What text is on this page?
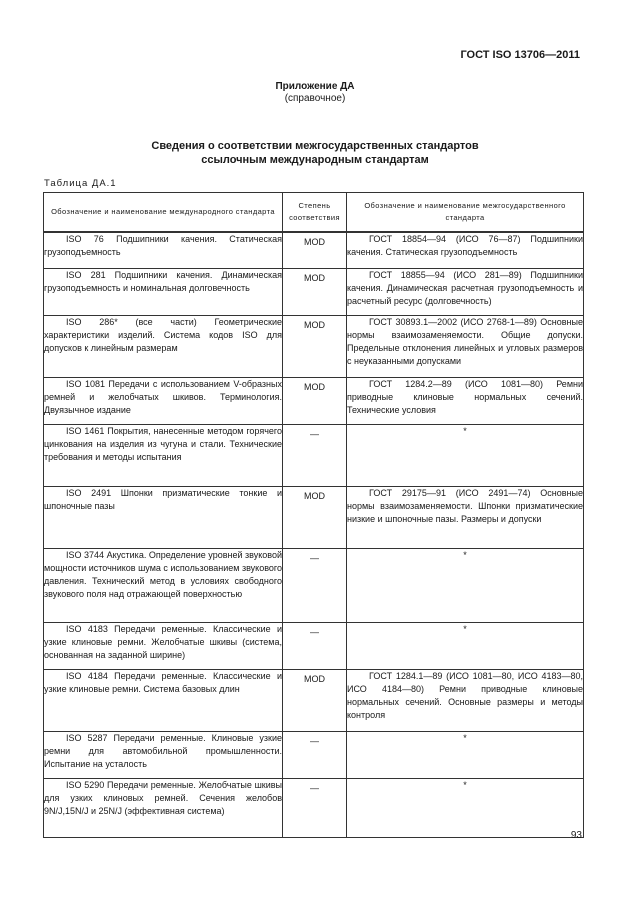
ГОСТ ISO 13706—2011
Приложение ДА
(справочное)
Сведения о соответствии межгосударственных стандартов
ссылочным международным стандартам
Таблица ДА.1
Обозначение и наименование международного стандарта	Степень соответствия	Обозначение и наименование межгосударственного стандарта
ISO 76 Подшипники качения. Статическая грузоподъемность	MOD	ГОСТ 18854—94 (ИСО 76—87) Подшипники качения. Статическая грузоподъемность
ISO 281 Подшипники качения. Динамическая грузоподъемность и номинальная долговечность	MOD	ГОСТ 18855—94 (ИСО 281—89) Подшипники качения. Динамическая расчетная грузоподъемность и расчетный ресурс (долговечность)
ISO 286* (все части) Геометрические характеристики изделий. Система кодов ISO для допусков к линейным размерам	MOD	ГОСТ 30893.1—2002 (ИСО 2768-1—89) Основные нормы взаимозаменяемости. Общие допуски. Предельные отклонения линейных и угловых размеров с неуказанными допусками
ISO 1081 Передачи с использованием V-образных ремней и желобчатых шкивов. Терминология. Двуязычное издание	MOD	ГОСТ 1284.2—89 (ИСО 1081—80) Ремни приводные клиновые нормальных сечений. Технические условия
ISO 1461 Покрытия, нанесенные методом горячего цинкования на изделия из чугуна и стали. Технические требования и методы испытания	—	*
ISO 2491 Шпонки призматические тонкие и шпоночные пазы	MOD	ГОСТ 29175—91 (ИСО 2491—74) Основные нормы взаимозаменяемости. Шпонки призматические низкие и шпоночные пазы. Размеры и допуски
ISO 3744 Акустика. Определение уровней звуковой мощности источников шума с использованием звукового давления. Технический метод в условиях свободного звукового поля над отражающей поверхностью	—	*
ISO 4183 Передачи ременные. Классические и узкие клиновые ремни. Желобчатые шкивы (система, основанная на заданной ширине)	—	*
ISO 4184 Передачи ременные. Классические и узкие клиновые ремни. Система базовых длин	MOD	ГОСТ 1284.1—89 (ИСО 1081—80, ИСО 4183—80, ИСО 4184—80) Ремни приводные клиновые нормальных сечений. Основные размеры и методы контроля
ISO 5287 Передачи ременные. Клиновые узкие ремни для автомобильной промышленности. Испытание на усталость	—	*
ISO 5290 Передачи ременные. Желобчатые шкивы для узких клиновых ремней. Сечения желобов 9N/J,15N/J и 25N/J (эффективная система)	—	*
93
